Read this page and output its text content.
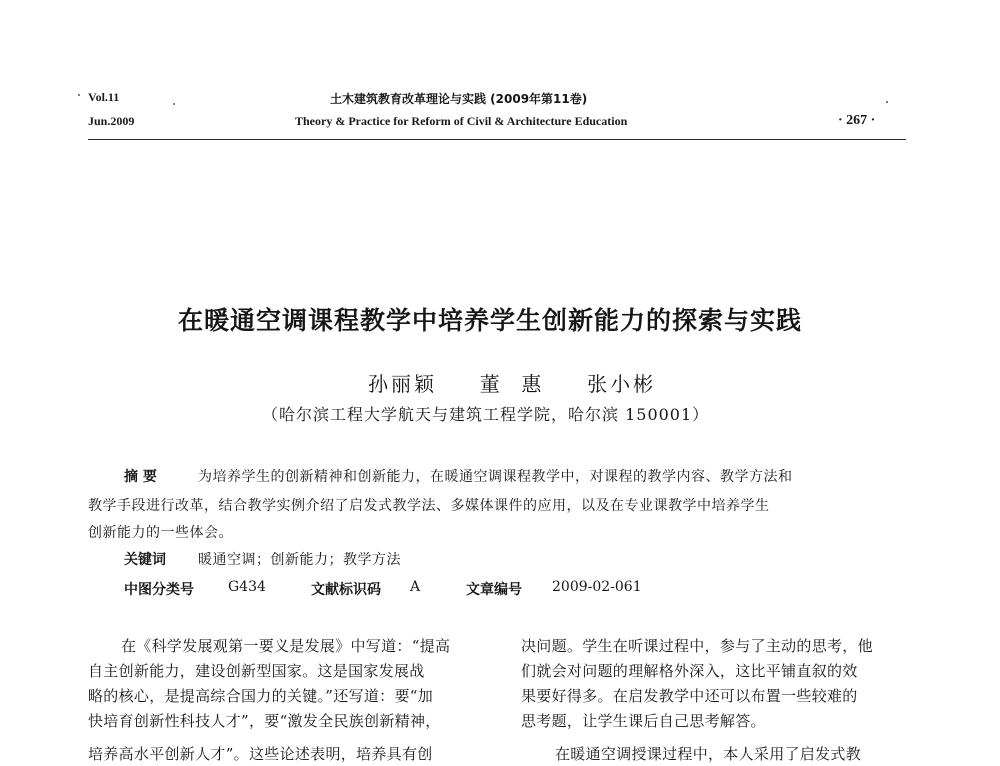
Vol.11
Jun.2009
土木建筑教育改革理论与实践 (2009年第11卷)
Theory & Practice for Reform of Civil & Architecture Education	· 267 ·
在暖通空调课程教学中培养学生创新能力的探索与实践
孙丽颖 董  惠 张小彬
（哈尔滨工程大学航天与建筑工程学院，哈尔滨 150001）
摘 要	为培养学生的创新精神和创新能力，在暖通空调课程教学中，对课程的教学内容、教学方法和
教学手段进行改革，结合教学实例介绍了启发式教学法、多媒体课件的应用，以及在专业课教学中培养学生
创新能力的一些体会。
关键词 暖通空调；创新能力；教学方法
中图分类号 G434	文献标识码 A	文章编号 2009-02-061
在《科学发展观第一要义是发展》中写道：“提高
自主创新能力，建设创新型国家。这是国家发展战
略的核心，是提高综合国力的关键。”还写道：要“加
快培育创新性科技人才”，要“激发全民族创新精神，
培养高水平创新人才”。这些论述表明，培养具有创
决问题。学生在听课过程中，参与了主动的思考，他
们就会对问题的理解格外深入，这比平铺直叙的效
果要好得多。在启发教学中还可以布置一些较难的
思考题，让学生课后自己思考解答。
在暖通空调授课过程中，本人采用了启发式教
